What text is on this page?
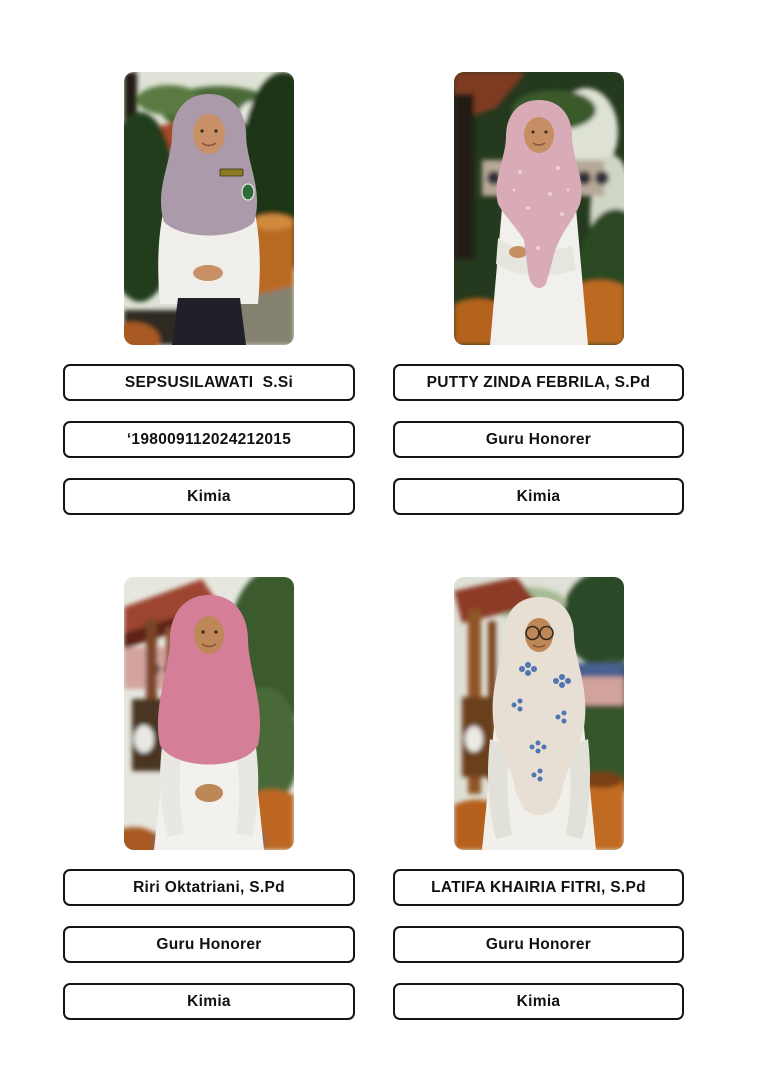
SEPSUSILAWATI  S.Si
‘198009112024212015
Kimia
PUTTY ZINDA FEBRILA, S.Pd
Guru Honorer
Kimia
Riri Oktatriani, S.Pd
Guru Honorer
Kimia
LATIFA KHAIRIA FITRI, S.Pd
Guru Honorer
Kimia
